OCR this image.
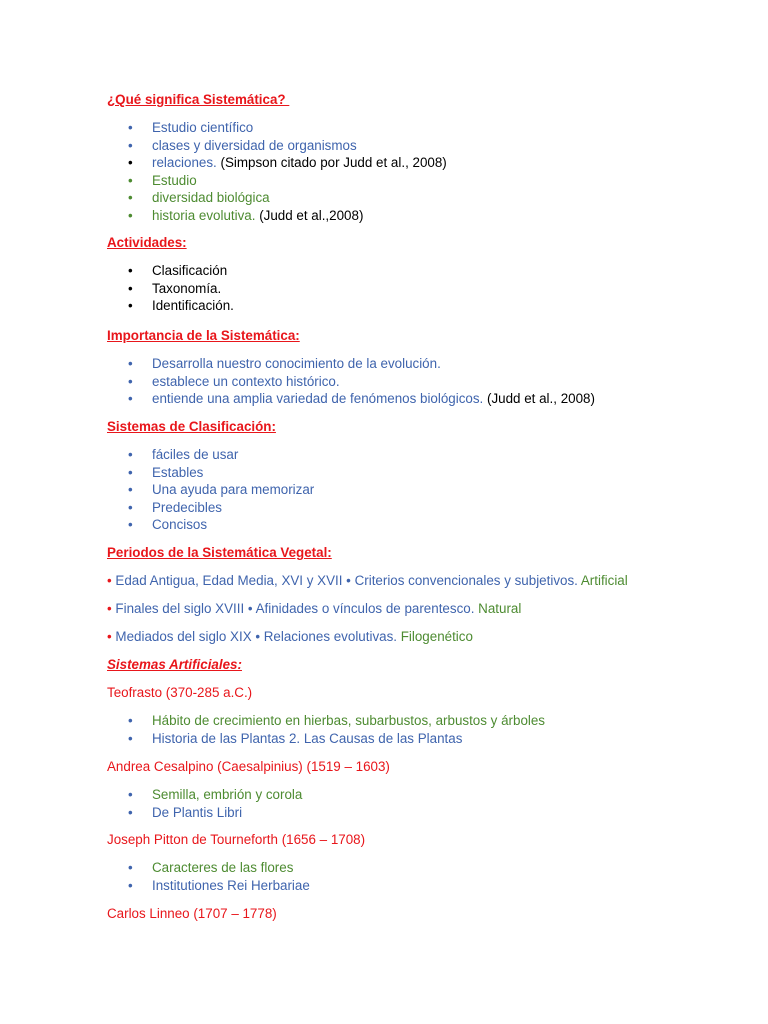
¿Qué significa Sistemática?
• Estudio científico
• clases y diversidad de organismos
• relaciones. (Simpson citado por Judd et al., 2008)
• Estudio
• diversidad biológica
• historia evolutiva. (Judd et al.,2008)
Actividades:
• Clasificación
• Taxonomía.
• Identificación.
Importancia de la Sistemática:
• Desarrolla nuestro conocimiento de la evolución.
• establece un contexto histórico.
• entiende una amplia variedad de fenómenos biológicos. (Judd et al., 2008)
Sistemas de Clasificación:
• fáciles de usar
• Estables
• Una ayuda para memorizar
• Predecibles
• Concisos
Periodos de la Sistemática Vegetal:
• Edad Antigua, Edad Media, XVI y XVII • Criterios convencionales y subjetivos. Artificial
• Finales del siglo XVIII • Afinidades o vínculos de parentesco. Natural
• Mediados del siglo XIX • Relaciones evolutivas. Filogenético
Sistemas Artificiales:
Teofrasto (370-285 a.C.)
• Hábito de crecimiento en hierbas, subarbustos, arbustos y árboles
• Historia de las Plantas 2. Las Causas de las Plantas
Andrea Cesalpino (Caesalpinius) (1519 – 1603)
• Semilla, embrión y corola
• De Plantis Libri
Joseph Pitton de Tourneforth (1656 – 1708)
• Caracteres de las flores
• Institutiones Rei Herbariae
Carlos Linneo (1707 – 1778)
